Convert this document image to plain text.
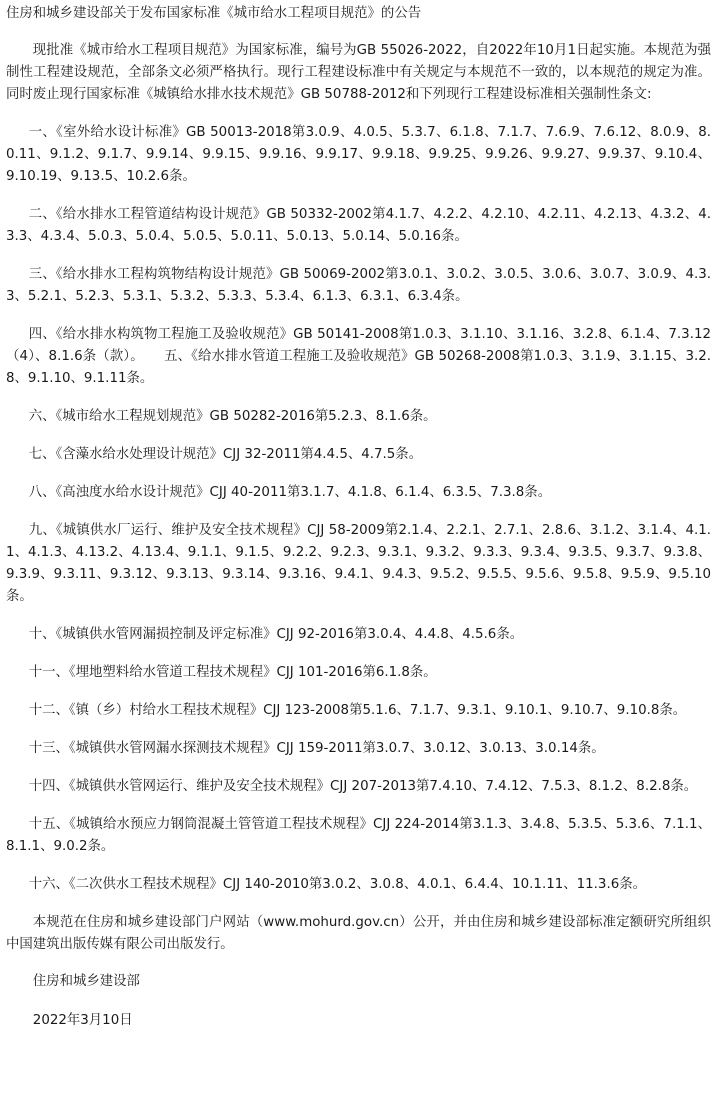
住房和城乡建设部关于发布国家标准《城市给水工程项目规范》的公告
现批准《城市给水工程项目规范》为国家标准，编号为GB 55026-2022，自2022年10月1日起实施。本规范为强制性工程建设规范，全部条文必须严格执行。现行工程建设标准中有关规定与本规范不一致的，以本规范的规定为准。同时废止现行国家标准《城镇给水排水技术规范》GB 50788-2012和下列现行工程建设标准相关强制性条文:
一、《室外给水设计标准》GB 50013-2018第3.0.9、4.0.5、5.3.7、6.1.8、7.1.7、7.6.9、7.6.12、8.0.9、8.0.11、9.1.2、9.1.7、9.9.14、9.9.15、9.9.16、9.9.17、9.9.18、9.9.25、9.9.26、9.9.27、9.9.37、9.10.4、9.10.19、9.13.5、10.2.6条。
二、《给水排水工程管道结构设计规范》GB 50332-2002第4.1.7、4.2.2、4.2.10、4.2.11、4.2.13、4.3.2、4.3.3、4.3.4、5.0.3、5.0.4、5.0.5、5.0.11、5.0.13、5.0.14、5.0.16条。
三、《给水排水工程构筑物结构设计规范》GB 50069-2002第3.0.1、3.0.2、3.0.5、3.0.6、3.0.7、3.0.9、4.3.3、5.2.1、5.2.3、5.3.1、5.3.2、5.3.3、5.3.4、6.1.3、6.3.1、6.3.4条。
四、《给水排水构筑物工程施工及验收规范》GB 50141-2008第1.0.3、3.1.10、3.1.16、3.2.8、6.1.4、7.3.12（4）、8.1.6条（款）。　　五、《给水排水管道工程施工及验收规范》GB 50268-2008第1.0.3、3.1.9、3.1.15、3.2.8、9.1.10、9.1.11条。
六、《城市给水工程规划规范》GB 50282-2016第5.2.3、8.1.6条。
七、《含藻水给水处理设计规范》CJJ 32-2011第4.4.5、4.7.5条。
八、《高浊度水给水设计规范》CJJ 40-2011第3.1.7、4.1.8、6.1.4、6.3.5、7.3.8条。
九、《城镇供水厂运行、维护及安全技术规程》CJJ 58-2009第2.1.4、2.2.1、2.7.1、2.8.6、3.1.2、3.1.4、4.1.1、4.1.3、4.13.2、4.13.4、9.1.1、9.1.5、9.2.2、9.2.3、9.3.1、9.3.2、9.3.3、9.3.4、9.3.5、9.3.7、9.3.8、9.3.9、9.3.11、9.3.12、9.3.13、9.3.14、9.3.16、9.4.1、9.4.3、9.5.2、9.5.5、9.5.6、9.5.8、9.5.9、9.5.10条。
十、《城镇供水管网漏损控制及评定标准》CJJ 92-2016第3.0.4、4.4.8、4.5.6条。
十一、《埋地塑料给水管道工程技术规程》CJJ 101-2016第6.1.8条。
十二、《镇（乡）村给水工程技术规程》CJJ 123-2008第5.1.6、7.1.7、9.3.1、9.10.1、9.10.7、9.10.8条。
十三、《城镇供水管网漏水探测技术规程》CJJ 159-2011第3.0.7、3.0.12、3.0.13、3.0.14条。
十四、《城镇供水管网运行、维护及安全技术规程》CJJ 207-2013第7.4.10、7.4.12、7.5.3、8.1.2、8.2.8条。
十五、《城镇给水预应力钢筒混凝土管管道工程技术规程》CJJ 224-2014第3.1.3、3.4.8、5.3.5、5.3.6、7.1.1、8.1.1、9.0.2条。
十六、《二次供水工程技术规程》CJJ 140-2010第3.0.2、3.0.8、4.0.1、6.4.4、10.1.11、11.3.6条。
本规范在住房和城乡建设部门户网站（www.mohurd.gov.cn）公开，并由住房和城乡建设部标准定额研究所组织中国建筑出版传媒有限公司出版发行。
住房和城乡建设部
2022年3月10日
